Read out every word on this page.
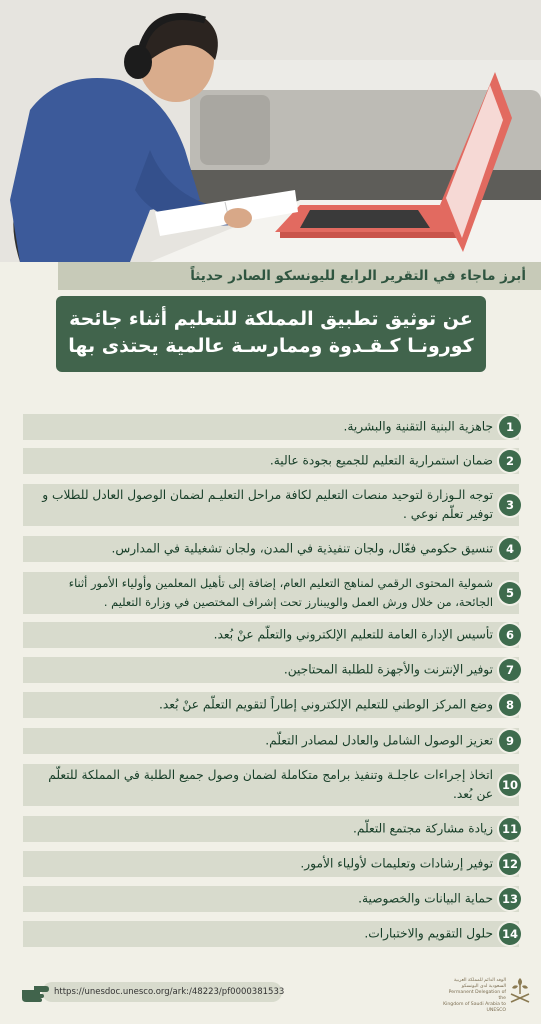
أبرز ماجاء في التقرير الرابع لليونسكو الصادر حديثاً
عن توثيق تطبيق المملكة للتعليم أثناء جائحة
كورونـا كـقـدوة وممارسـة عالمية يحتذى بها
1
جاهزية البنية التقنية والبشرية.
2
ضمان استمرارية التعليم للجميع بجودة عالية.
3
توجه الـوزارة لتوحيد منصات التعليم لكافة مراحل التعليـم لضمان الوصول العادل للطلاب و توفير تعلّم نوعي .
4
تنسيق حكومي فعّال، ولجان تنفيذية في المدن، ولجان تشغيلية في المدارس.
5
شمولية المحتوى الرقمي لمناهج التعليم العام، إضافة إلى تأهيل المعلمين وأولياء الأمور أثناء الجائحة، من خلال ورش العمل والويبنارز تحت إشراف المختصين في وزارة التعليم .
6
تأسيس الإدارة العامة للتعليم الإلكتروني والتعلّم عنْ بُعد.
7
توفير الإنترنت والأجهزة للطلبة المحتاجين.
8
وضع المركز الوطني للتعليم الإلكتروني إطاراً لتقويم التعلّم عنْ بُعد.
9
تعزيز الوصول الشامل والعادل لمصادر التعلّم.
10
اتخاذ إجراءات عاجلـة وتنفيذ برامج متكاملة لضمان وصول جميع الطلبة في المملكة للتعلّم عن بُعد.
11
زيادة مشاركة مجتمع التعلّم.
12
توفير إرشادات وتعليمات لأولياء الأمور.
13
حماية البيانات والخصوصية.
14
حلول التقويم والاختبارات.
https://unesdoc.unesco.org/ark:/48223/pf0000381533
الوفد الدائم للمملكة العربية
السعودية لدى اليونسكو
Permanent Delegation of the
Kingdom of Saudi Arabia to UNESCO
